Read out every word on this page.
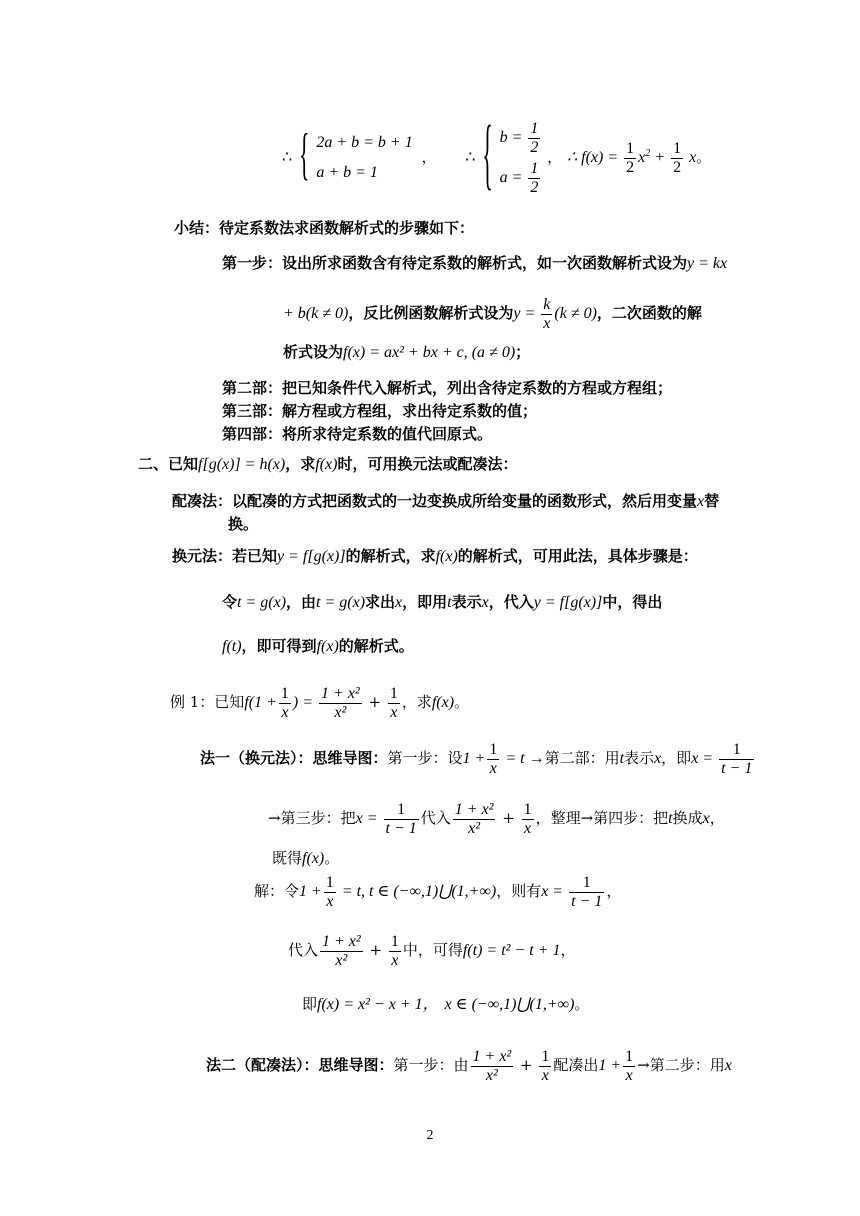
∴ { 2a + b = b + 1
a + b = 1
， ∴ { $b = \frac{1}{2}$
$a = \frac{1}{2}$
， ∴ $f(x) = \frac{1}{2} x^2 + \frac{1}{2}$ x。
小结：待定系数法求函数解析式的步骤如下：
第一步：设出所求函数含有待定系数的解析式，如一次函数解析式设为y = kx
+ b(k ≠ 0)，反比例函数解析式设为$y = \frac{k}{x} (k \ne 0)$，二次函数的解
析式设为f(x) = ax² + bx + c, (a ≠ 0)；
第二部：把已知条件代入解析式，列出含待定系数的方程或方程组；
第三部：解方程或方程组，求出待定系数的值；
第四部：将所求待定系数的值代回原式。
二、已知f[g(x)] = h(x)，求f(x)时，可用换元法或配凑法：
配凑法：以配凑的方式把函数式的一边变换成所给变量的函数形式，然后用变量x替
换。
换元法：若已知y = f[g(x)]的解析式，求f(x)的解析式，可用此法，具体步骤是：
令t = g(x)，由t = g(x)求出x，即用t表示x，代入y = f[g(x)]中，得出
f(t)，即可得到f(x)的解析式。
例 1：已知$f(1 + \frac{1}{x}$ ) = $\frac{\text{1 + x²}}{\text{x²}} + \frac{1}{x}$ ，求f(x)。
法一（换元法）：思维导图：第一步：设$1 + \frac{1}{x} = t$ →第二部：用t表示x，即$x = \frac{1}{t - 1}$
→第三步：把$x = \frac{1}{t - 1}$ 代入 $\frac{\text{1 + x²}}{\text{x²}} + \frac{1}{x}$ ，整理→第四步：把t换成x，
既得f(x)。
解：令$1 + \frac{1}{x} = t$, t ∈ (−∞,1)⋃(1,+∞)，则有$x = \frac{1}{t - 1}$ ，
代入 $\frac{\text{1 + x²}}{\text{x²}} + \frac{1}{x}$ 中，可得f(t) = t² − t + 1，
即f(x) = x² − x + 1， x ∈ (−∞,1)⋃(1,+∞)。
法二（配凑法）：思维导图：第一步：由 $\frac{\text{1 + x²}}{\text{x²}} + \frac{1}{x}$ 配凑出$1 + \frac{1}{x}$ →第二步：用x
2
